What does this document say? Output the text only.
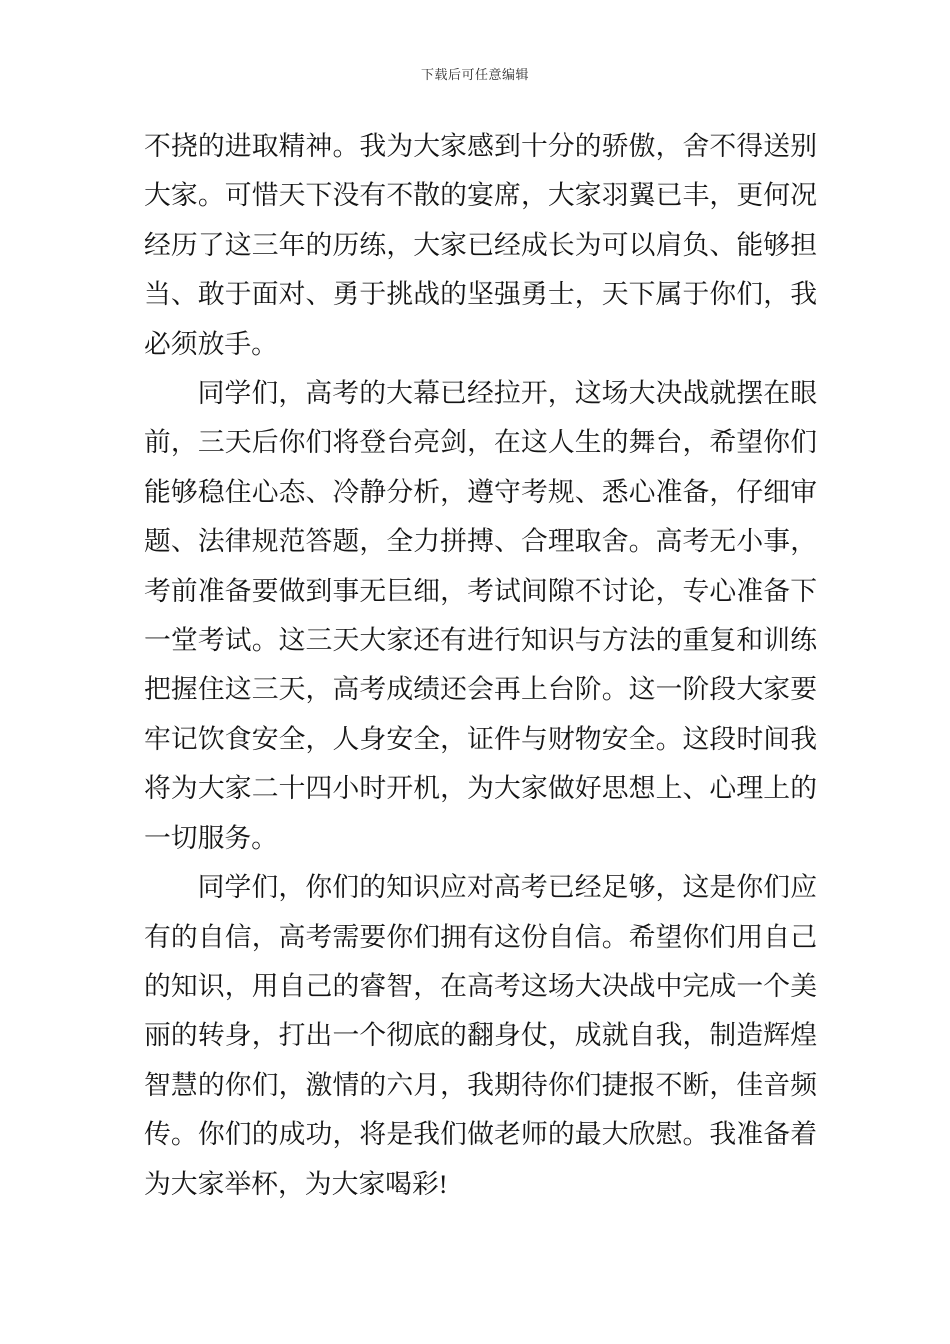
下载后可任意编辑

不挠的进取精神。我为大家感到十分的骄傲，舍不得送别大家。可惜天下没有不散的宴席，大家羽翼已丰，更何况经历了这三年的历练，大家已经成长为可以肩负、能够担当、敢于面对、勇于挑战的坚强勇士，天下属于你们，我必须放手。

同学们，高考的大幕已经拉开，这场大决战就摆在眼前，三天后你们将登台亮剑，在这人生的舞台，希望你们能够稳住心态、冷静分析，遵守考规、悉心准备，仔细审题、法律规范答题，全力拼搏、合理取舍。高考无小事，考前准备要做到事无巨细，考试间隙不讨论，专心准备下一堂考试。这三天大家还有进行知识与方法的重复和训练把握住这三天，高考成绩还会再上台阶。这一阶段大家要牢记饮食安全，人身安全，证件与财物安全。这段时间我将为大家二十四小时开机，为大家做好思想上、心理上的一切服务。

同学们，你们的知识应对高考已经足够，这是你们应有的自信，高考需要你们拥有这份自信。希望你们用自己的知识，用自己的睿智，在高考这场大决战中完成一个美丽的转身，打出一个彻底的翻身仗，成就自我，制造辉煌智慧的你们，激情的六月，我期待你们捷报不断，佳音频传。你们的成功，将是我们做老师的最大欣慰。我准备着为大家举杯，为大家喝彩!
